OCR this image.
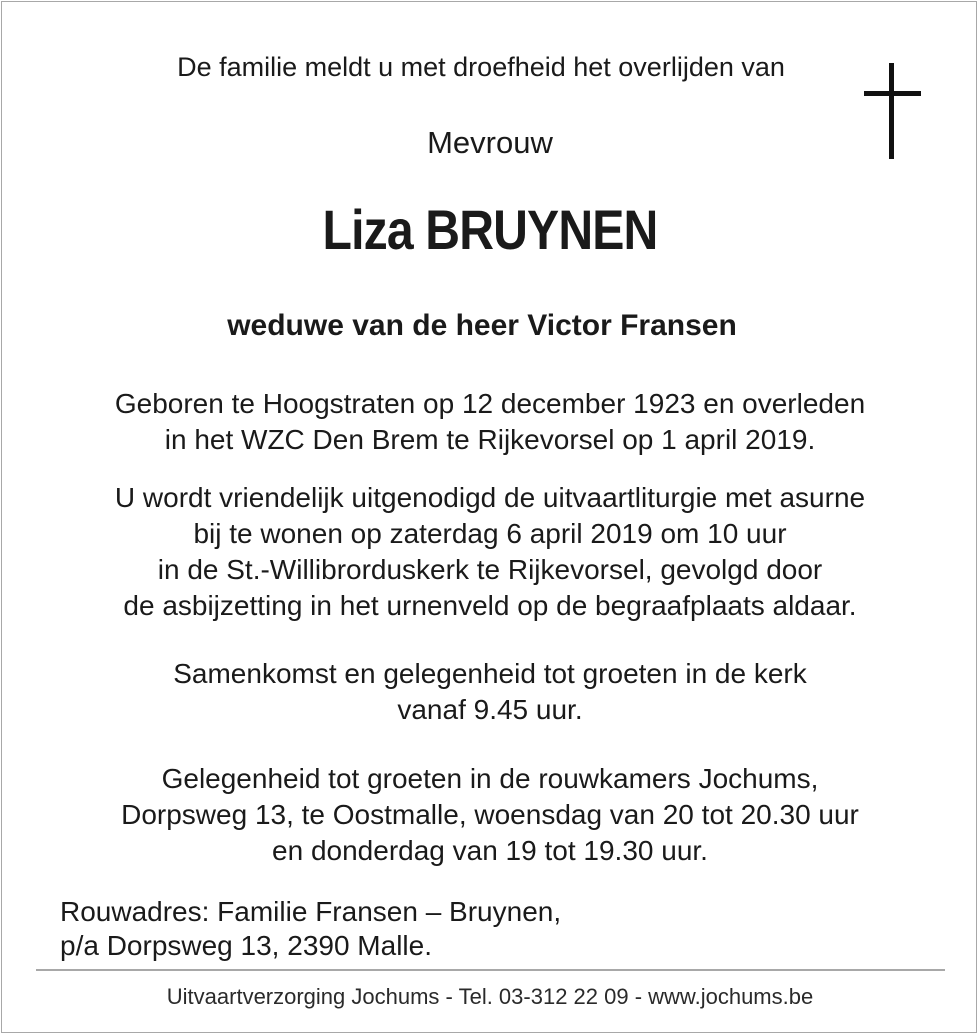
De familie meldt u met droefheid het overlijden van
Mevrouw
Liza BRUYNEN
weduwe van de heer Victor Fransen
Geboren te Hoogstraten op 12 december 1923 en overleden
in het WZC Den Brem te Rijkevorsel op 1 april 2019.
U wordt vriendelijk uitgenodigd de uitvaartliturgie met asurne
bij te wonen op zaterdag 6 april 2019 om 10 uur
in de St.-Willibrorduskerk te Rijkevorsel, gevolgd door
de asbijzetting in het urnenveld op de begraafplaats aldaar.
Samenkomst en gelegenheid tot groeten in de kerk
vanaf 9.45 uur.
Gelegenheid tot groeten in de rouwkamers Jochums,
Dorpsweg 13, te Oostmalle, woensdag van 20 tot 20.30 uur
en donderdag van 19 tot 19.30 uur.
Rouwadres: Familie Fransen – Bruynen,
p/a Dorpsweg 13, 2390 Malle.
Uitvaartverzorging Jochums - Tel. 03-312 22 09 - www.jochums.be
